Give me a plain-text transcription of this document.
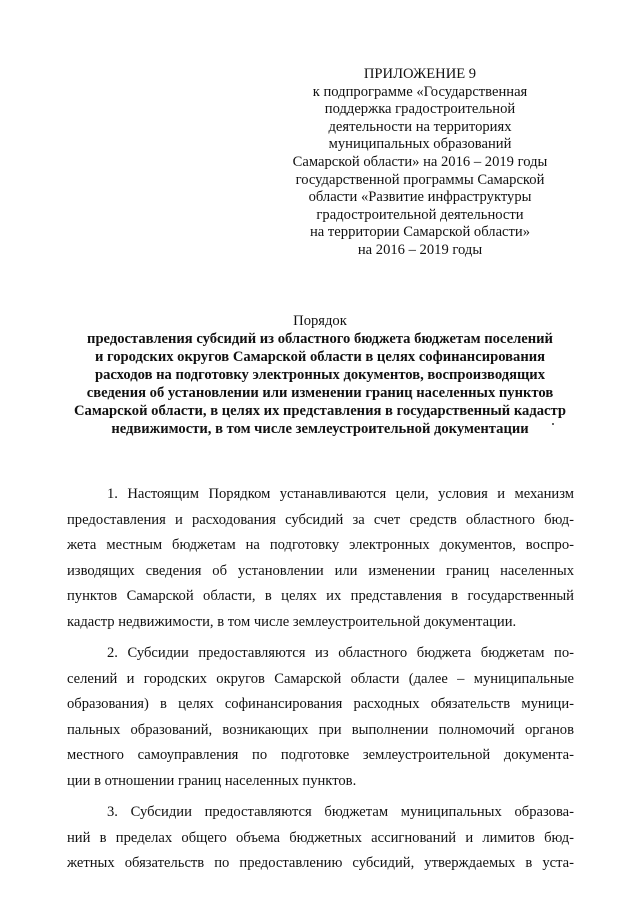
ПРИЛОЖЕНИЕ 9
к подпрограмме «Государственная
поддержка градостроительной
деятельности на территориях
муниципальных образований
Самарской области» на 2016 – 2019 годы
государственной программы Самарской
области «Развитие инфраструктуры
градостроительной деятельности
на территории Самарской области»
на 2016 – 2019 годы
Порядок
предоставления субсидий из областного бюджета бюджетам поселений
и городских округов Самарской области в целях софинансирования
расходов на подготовку электронных документов, воспроизводящих
сведения об установлении или изменении границ населенных пунктов
Самарской области, в целях их представления в государственный кадастр
недвижимости, в том числе землеустроительной документации
1. Настоящим Порядком устанавливаются цели, условия и механизм
предоставления и расходования субсидий за счет средств областного бюд-
жета местным бюджетам на подготовку электронных документов, воспро-
изводящих сведения об установлении или изменении границ населенных
пунктов Самарской области, в целях их представления в государственный
кадастр недвижимости, в том числе землеустроительной документации.
2. Субсидии предоставляются из областного бюджета бюджетам по-
селений и городских округов Самарской области (далее – муниципальные
образования) в целях софинансирования расходных обязательств муници-
пальных образований, возникающих при выполнении полномочий органов
местного самоуправления по подготовке землеустроительной документа-
ции в отношении границ населенных пунктов.
3. Субсидии предоставляются бюджетам муниципальных образова-
ний в пределах общего объема бюджетных ассигнований и лимитов бюд-
жетных обязательств по предоставлению субсидий, утверждаемых в уста-
